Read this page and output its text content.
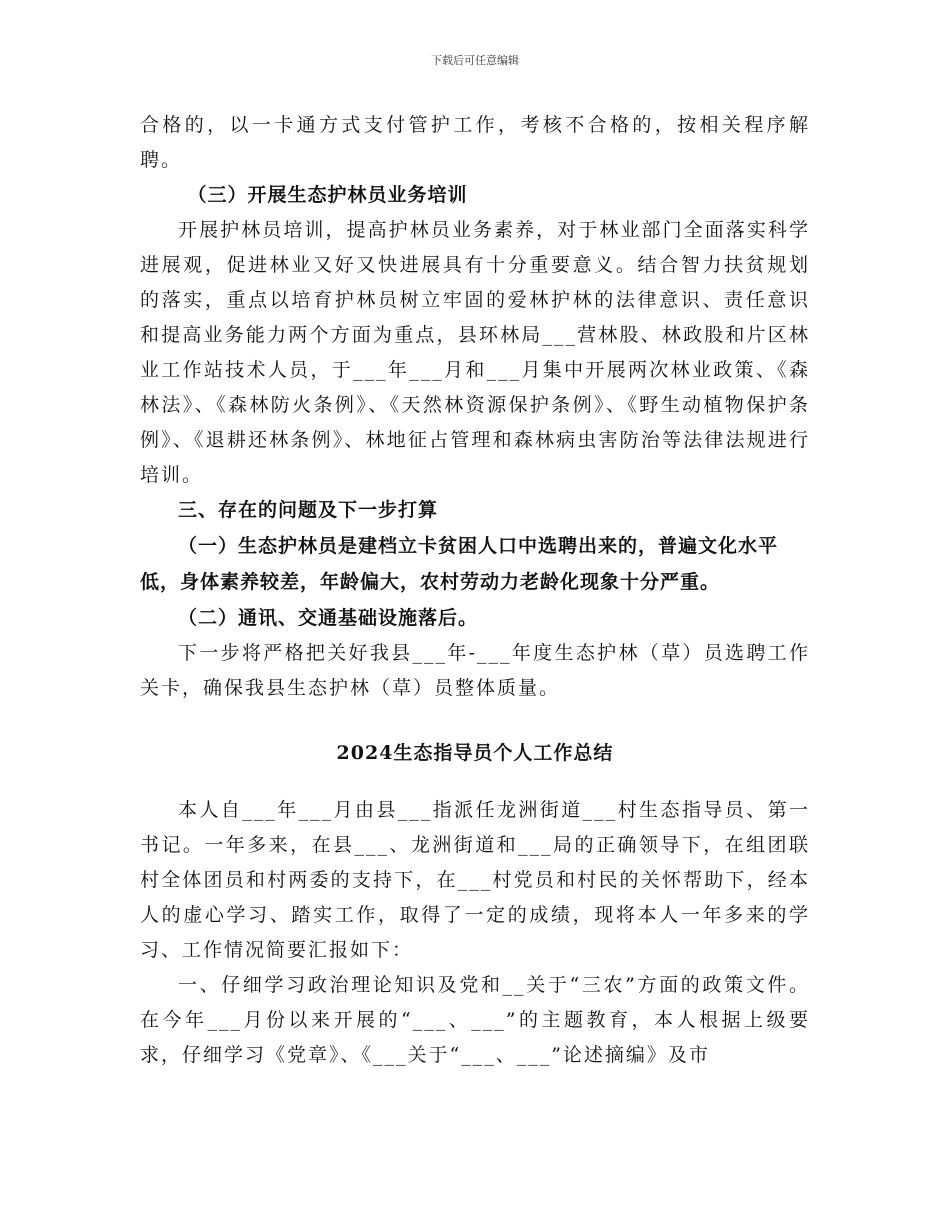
下载后可任意编辑

合格的，以一卡通方式支付管护工作，考核不合格的，按相关程序解聘。

（三）开展生态护林员业务培训

开展护林员培训，提高护林员业务素养，对于林业部门全面落实科学进展观，促进林业又好又快进展具有十分重要意义。结合智力扶贫规划的落实，重点以培育护林员树立牢固的爱林护林的法律意识、责任意识和提高业务能力两个方面为重点，县环林局___营林股、林政股和片区林业工作站技术人员，于___年___月和___月集中开展两次林业政策、《森林法》、《森林防火条例》、《天然林资源保护条例》、《野生动植物保护条例》、《退耕还林条例》、林地征占管理和森林病虫害防治等法律法规进行培训。

三、存在的问题及下一步打算

（一）生态护林员是建档立卡贫困人口中选聘出来的，普遍文化水平低，身体素养较差，年龄偏大，农村劳动力老龄化现象十分严重。

（二）通讯、交通基础设施落后。

下一步将严格把关好我县___年-___年度生态护林（草）员选聘工作关卡，确保我县生态护林（草）员整体质量。

2024生态指导员个人工作总结

本人自___年___月由县___指派任龙洲街道___村生态指导员、第一书记。一年多来，在县___、龙洲街道和___局的正确领导下，在组团联村全体团员和村两委的支持下，在___村党员和村民的关怀帮助下，经本人的虚心学习、踏实工作，取得了一定的成绩，现将本人一年多来的学习、工作情况简要汇报如下：

一、仔细学习政治理论知识及党和__关于“三农”方面的政策文件。在今年___月份以来开展的“___、___”的主题教育，本人根据上级要求，仔细学习《党章》、《___关于“___、___”论述摘编》及市
